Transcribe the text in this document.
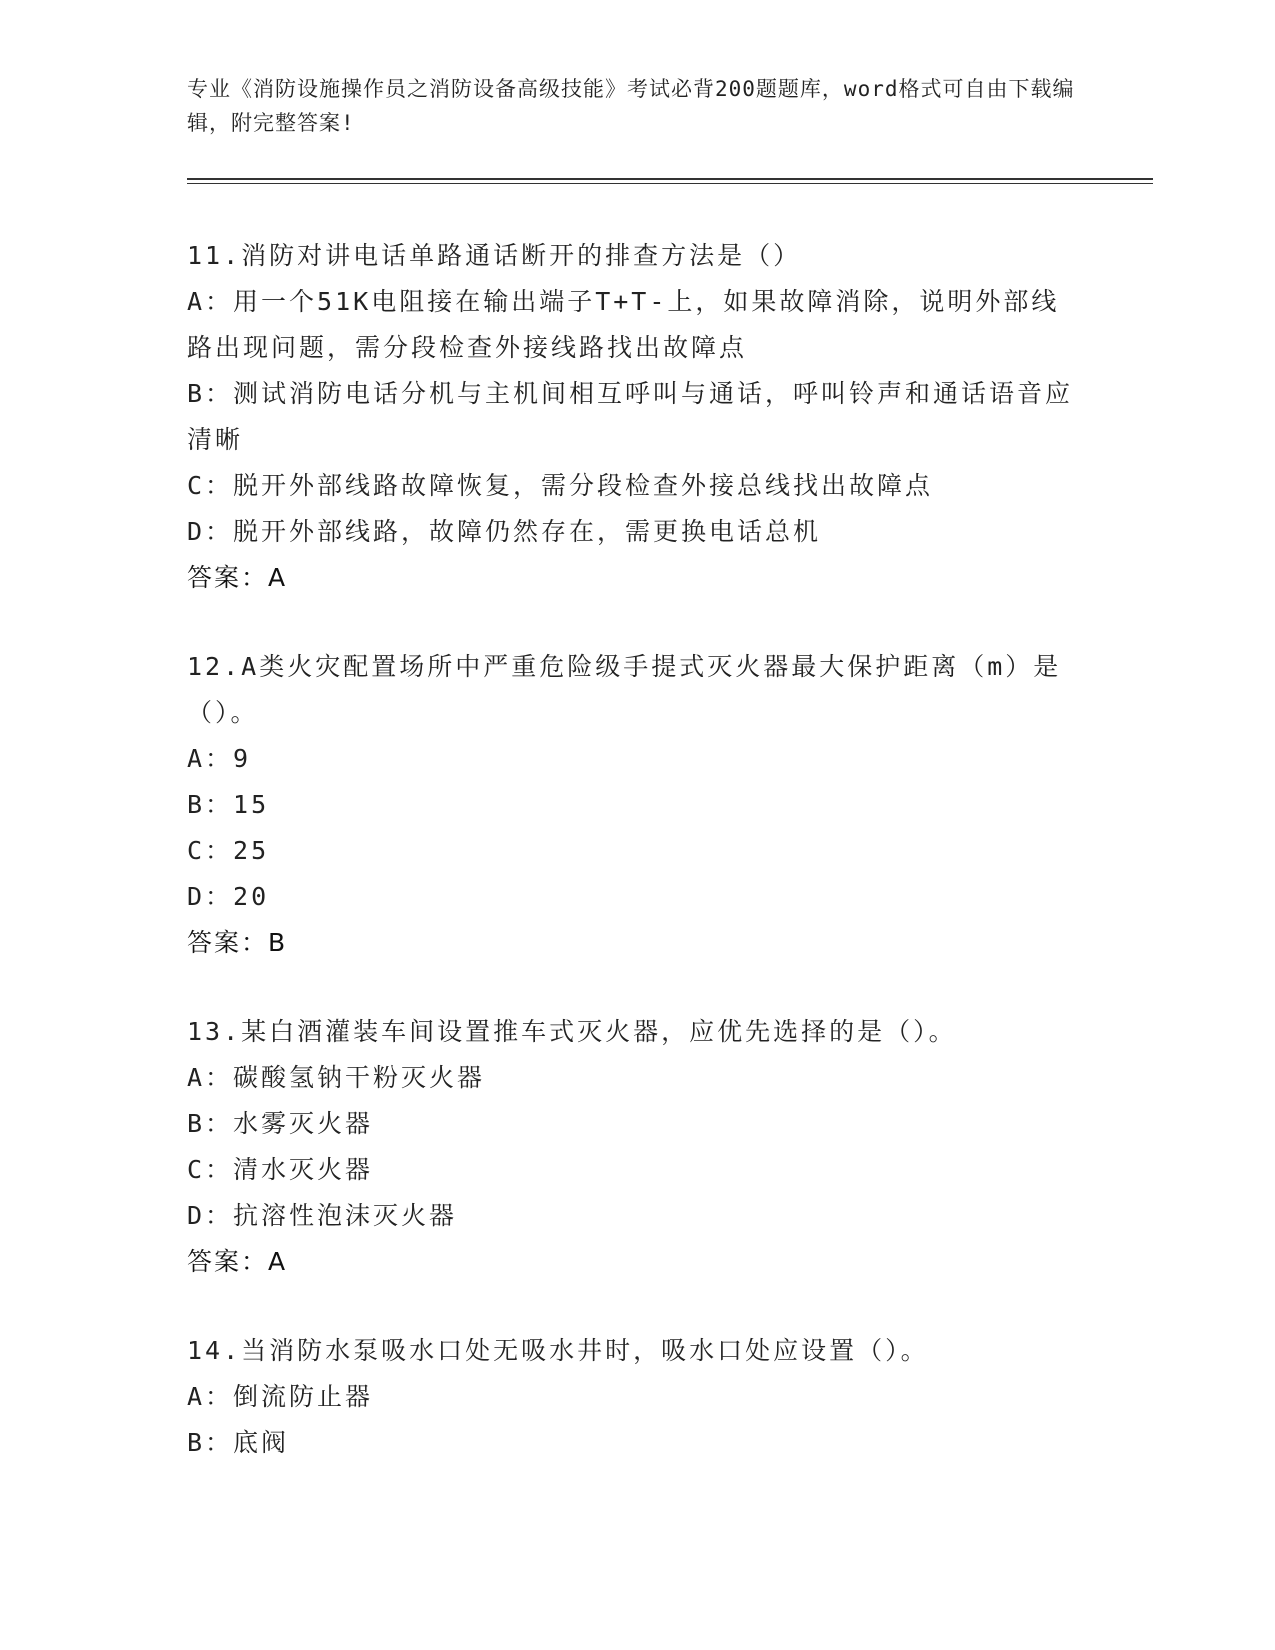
专业《消防设施操作员之消防设备高级技能》考试必背200题题库，word格式可自由下载编辑，附完整答案!

11.消防对讲电话单路通话断开的排查方法是（）

A：用一个51K电阻接在输出端子T+T-上，如果故障消除，说明外部线路出现问题，需分段检查外接线路找出故障点

B：测试消防电话分机与主机间相互呼叫与通话，呼叫铃声和通话语音应清晰

C：脱开外部线路故障恢复，需分段检查外接总线找出故障点

D：脱开外部线路，故障仍然存在，需更换电话总机

答案：A

12.A类火灾配置场所中严重危险级手提式灭火器最大保护距离（m）是（）。

A：9

B：15

C：25

D：20

答案：B

13.某白酒灌装车间设置推车式灭火器，应优先选择的是（）。

A：碳酸氢钠干粉灭火器

B：水雾灭火器

C：清水灭火器

D：抗溶性泡沫灭火器

答案：A

14.当消防水泵吸水口处无吸水井时，吸水口处应设置（）。

A：倒流防止器

B：底阀
